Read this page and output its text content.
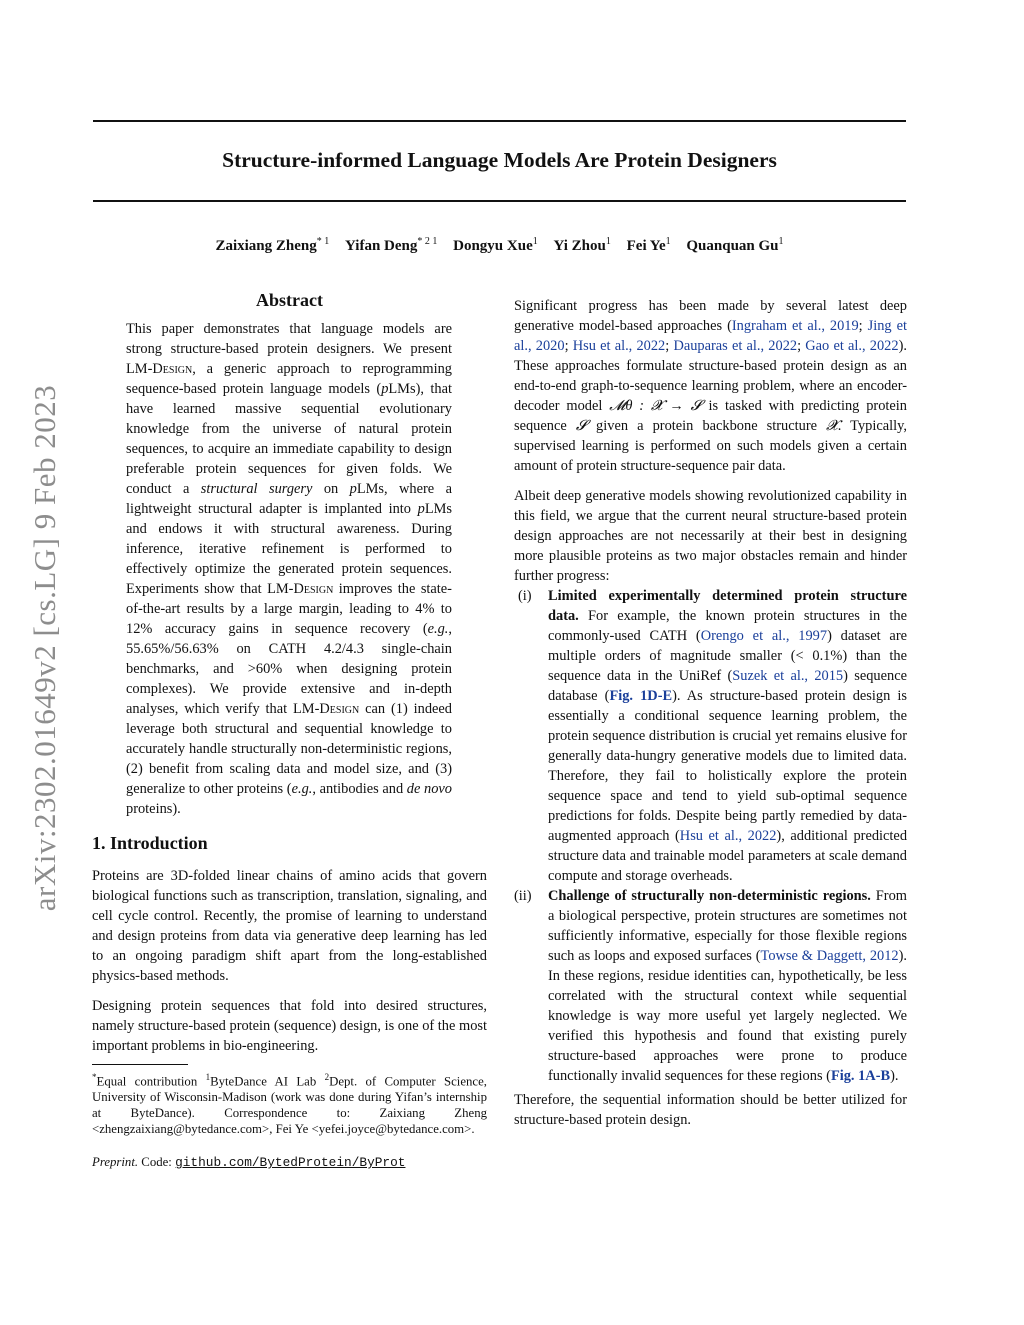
Structure-informed Language Models Are Protein Designers
Zaixiang Zheng$^{* 1}$ Yifan Deng$^{* 2 1}$ Dongyu Xue$^1$ Yi Zhou$^1$ Fei Ye$^1$ Quanquan Gu$^1$
arXiv:2302.01649v2 [cs.LG] 9 Feb 2023
Abstract

This paper demonstrates that language models are strong structure-based protein designers. We present LM-Design, a generic approach to reprogramming sequence-based protein language models (pLMs), that have learned massive sequential evolutionary knowledge from the universe of natural protein sequences, to acquire an immediate capability to design preferable protein sequences for given folds. We conduct a structural surgery on pLMs, where a lightweight structural adapter is implanted into pLMs and endows it with structural awareness. During inference, iterative refinement is performed to effectively optimize the generated protein sequences. Experiments show that LM-Design improves the state-of-the-art results by a large margin, leading to 4% to 12% accuracy gains in sequence recovery (e.g., 55.65%/56.63% on CATH 4.2/4.3 single-chain benchmarks, and >60% when designing protein complexes). We provide extensive and in-depth analyses, which verify that LM-Design can (1) indeed leverage both structural and sequential knowledge to accurately handle structurally non-deterministic regions, (2) benefit from scaling data and model size, and (3) generalize to other proteins (e.g., antibodies and de novo proteins).

1. Introduction

Proteins are 3D-folded linear chains of amino acids that govern biological functions such as transcription, translation, signaling, and cell cycle control. Recently, the promise of learning to understand and design proteins from data via generative deep learning has led to an ongoing paradigm shift apart from the long-established physics-based methods.

Designing protein sequences that fold into desired structures, namely structure-based protein (sequence) design, is one of the most important problems in bio-engineering.

*Equal contribution $^1$ByteDance AI Lab $^2$Dept. of Computer Science, University of Wisconsin-Madison (work was done during Yifan’s internship at ByteDance). Correspondence to: Zaixiang Zheng <zhengzaixiang@bytedance.com>, Fei Ye <yefei.joyce@bytedance.com>.
Preprint. Code: github.com/BytedProtein/ByProt

Significant progress has been made by several latest deep generative model-based approaches (Ingraham et al., 2019; Jing et al., 2020; Hsu et al., 2022; Dauparas et al., 2022; Gao et al., 2022). These approaches formulate structure-based protein design as an end-to-end graph-to-sequence learning problem, where an encoder-decoder model 𝓜θ : 𝓧 → 𝓢 is tasked with predicting protein sequence 𝓢 given a protein backbone structure 𝓧. Typically, supervised learning is performed on such models given a certain amount of protein structure-sequence pair data.

Albeit deep generative models showing revolutionized capability in this field, we argue that the current neural structure-based protein design approaches are not necessarily at their best in designing more plausible proteins as two major obstacles remain and hinder further progress:

(i) Limited experimentally determined protein structure data. For example, the known protein structures in the commonly-used CATH (Orengo et al., 1997) dataset are multiple orders of magnitude smaller (< 0.1%) than the sequence data in the UniRef (Suzek et al., 2015) sequence database (Fig. 1D-E). As structure-based protein design is essentially a conditional sequence learning problem, the protein sequence distribution is crucial yet remains elusive for generally data-hungry generative models due to limited data. Therefore, they fail to holistically explore the protein sequence space and tend to yield sub-optimal sequence predictions for folds. Despite being partly remedied by data-augmented approach (Hsu et al., 2022), additional predicted structure data and trainable model parameters at scale demand compute and storage overheads.
(ii) Challenge of structurally non-deterministic regions. From a biological perspective, protein structures are sometimes not sufficiently informative, especially for those flexible regions such as loops and exposed surfaces (Towse & Daggett, 2012). In these regions, residue identities can, hypothetically, be less correlated with the structural context while sequential knowledge is way more useful yet largely neglected. We verified this hypothesis and found that existing purely structure-based approaches were prone to produce functionally invalid sequences for these regions (Fig. 1A-B).

Therefore, the sequential information should be better utilized for structure-based protein design.
